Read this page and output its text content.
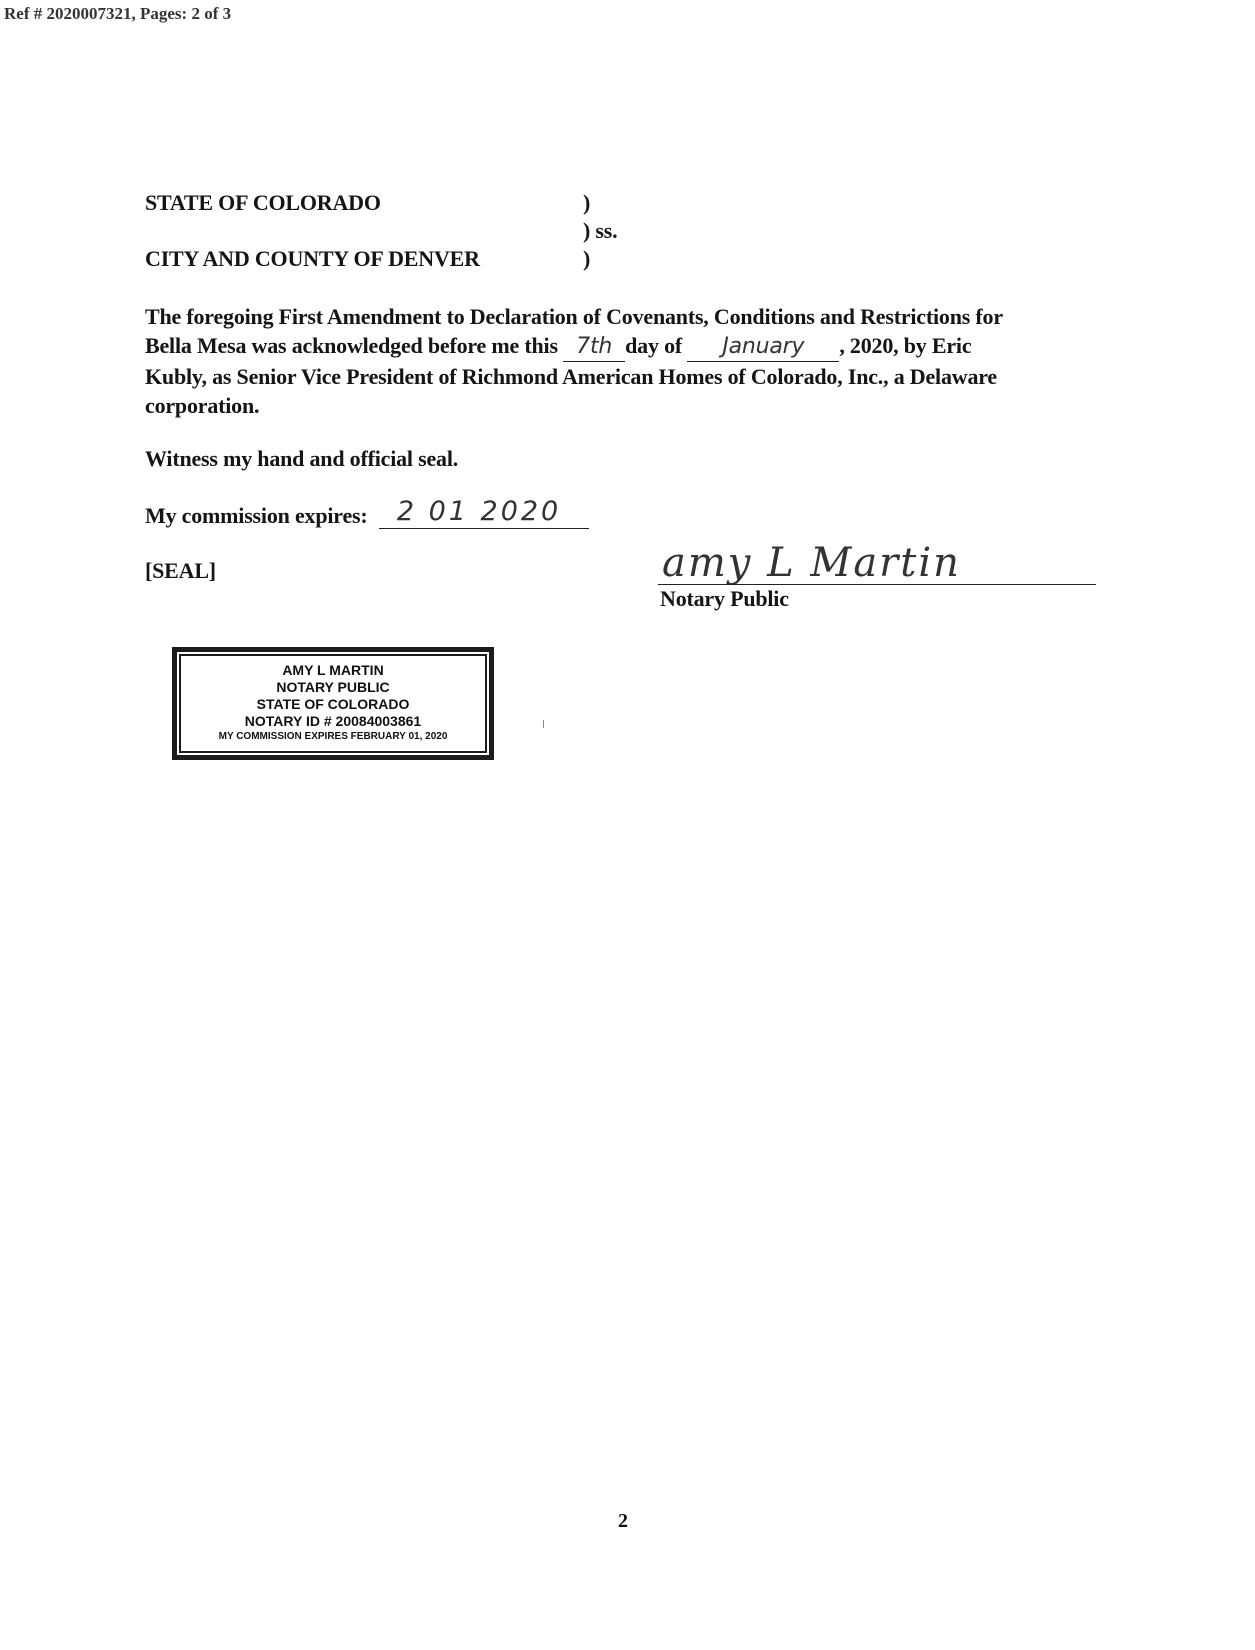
Ref # 2020007321, Pages: 2 of 3
STATE OF COLORADO	)
) ss.
CITY AND COUNTY OF DENVER	)
The foregoing First Amendment to Declaration of Covenants, Conditions and Restrictions for
Bella Mesa was acknowledged before me this 7th day of January , 2020, by Eric
Kubly, as Senior Vice President of Richmond American Homes of Colorado, Inc., a Delaware
corporation.
Witness my hand and official seal.
My commission expires: 2 01 2020
[SEAL]	amy L Martin
Notary Public
AMY L MARTIN
NOTARY PUBLIC
STATE OF COLORADO
NOTARY ID # 20084003861
MY COMMISSION EXPIRES FEBRUARY 01, 2020
2
